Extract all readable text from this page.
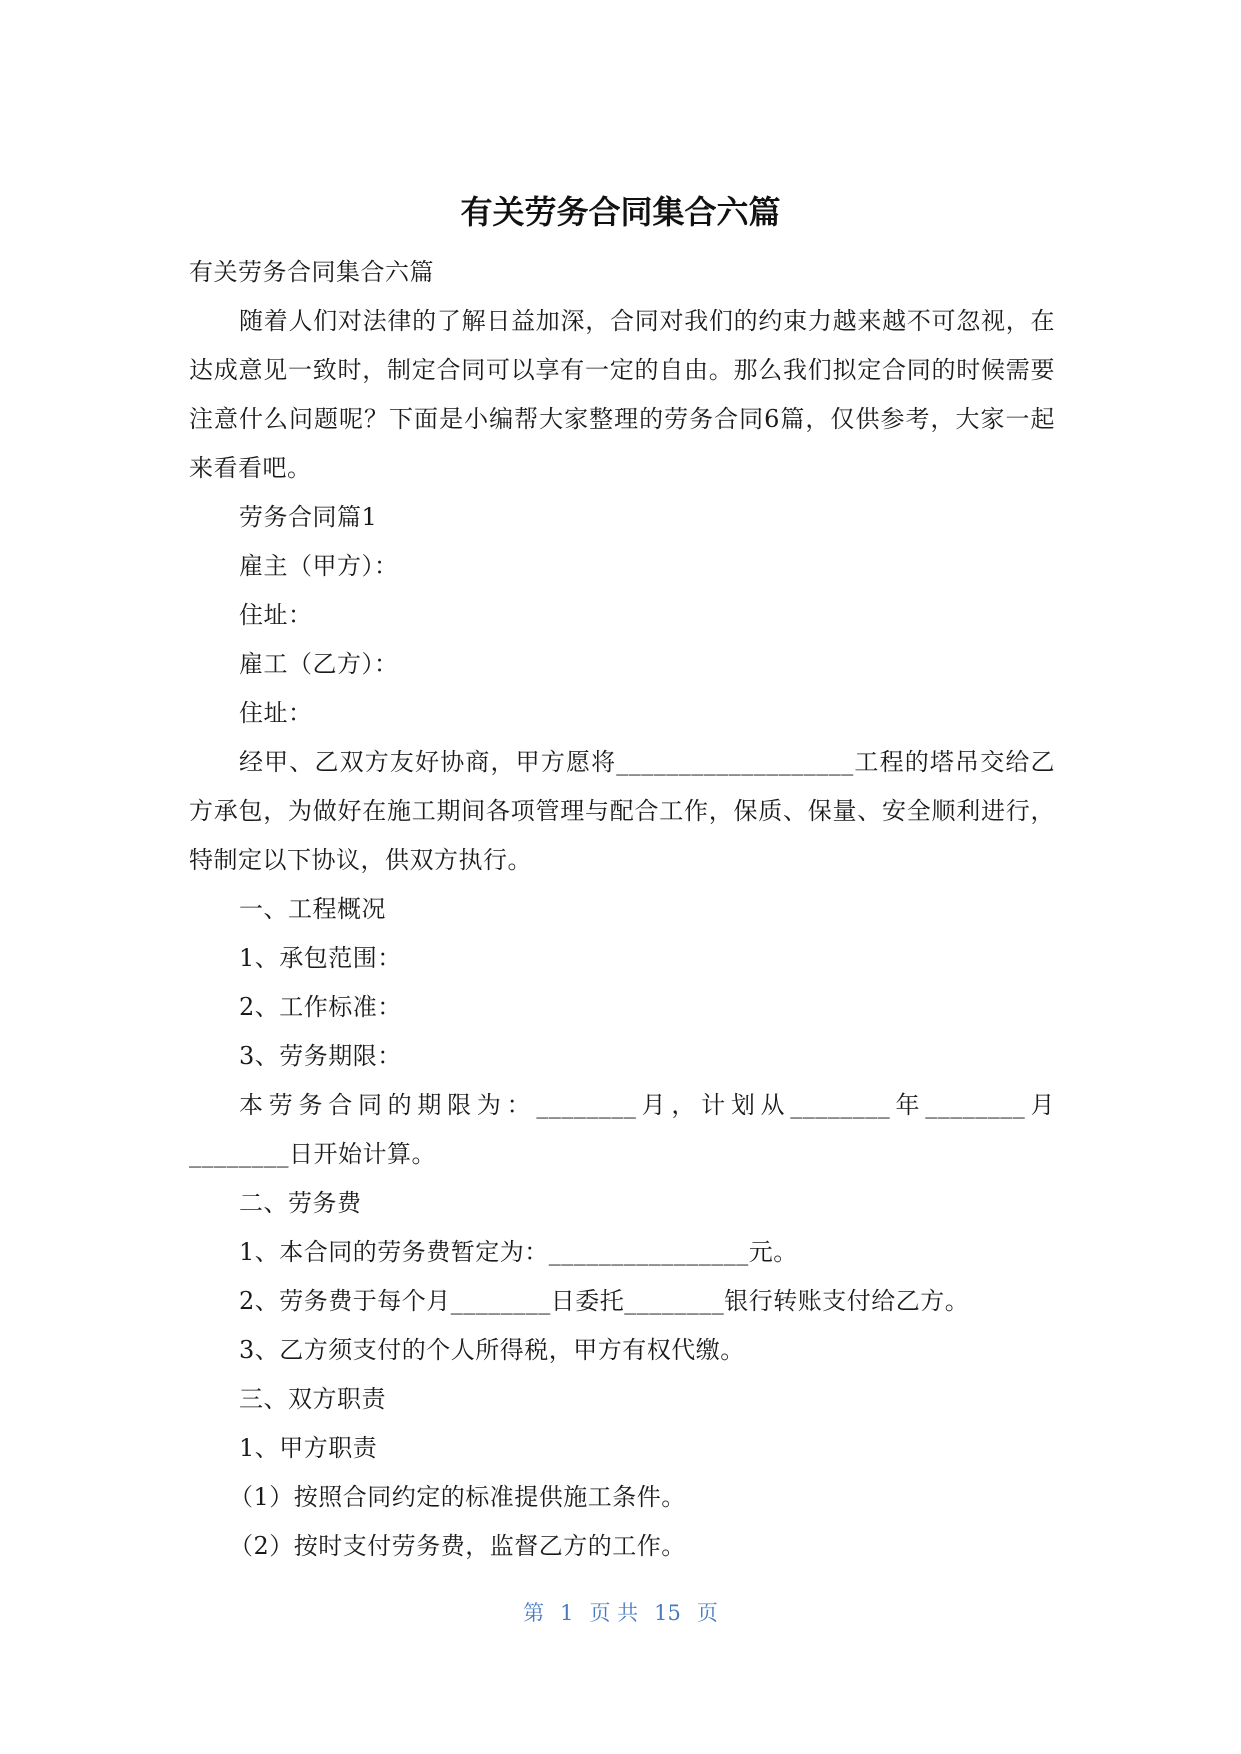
有关劳务合同集合六篇

有关劳务合同集合六篇

随着人们对法律的了解日益加深，合同对我们的约束力越来越不可忽视，在达成意见一致时，制定合同可以享有一定的自由。那么我们拟定合同的时候需要注意什么问题呢？下面是小编帮大家整理的劳务合同6篇，仅供参考，大家一起来看看吧。

劳务合同篇1

雇主（甲方）：

住址：

雇工（乙方）：

住址：

经甲、乙双方友好协商，甲方愿将___________________工程的塔吊交给乙方承包，为做好在施工期间各项管理与配合工作，保质、保量、安全顺利进行，特制定以下协议，供双方执行。

一、工程概况

1、承包范围：

2、工作标准：

3、劳务期限：

本劳务合同的期限为：________月，计划从________年________月________日开始计算。

二、劳务费

1、本合同的劳务费暂定为：________________元。

2、劳务费于每个月________日委托________银行转账支付给乙方。

3、乙方须支付的个人所得税，甲方有权代缴。

三、双方职责

1、甲方职责

（1）按照合同约定的标准提供施工条件。

（2）按时支付劳务费，监督乙方的工作。

第 1 页 共 15 页
